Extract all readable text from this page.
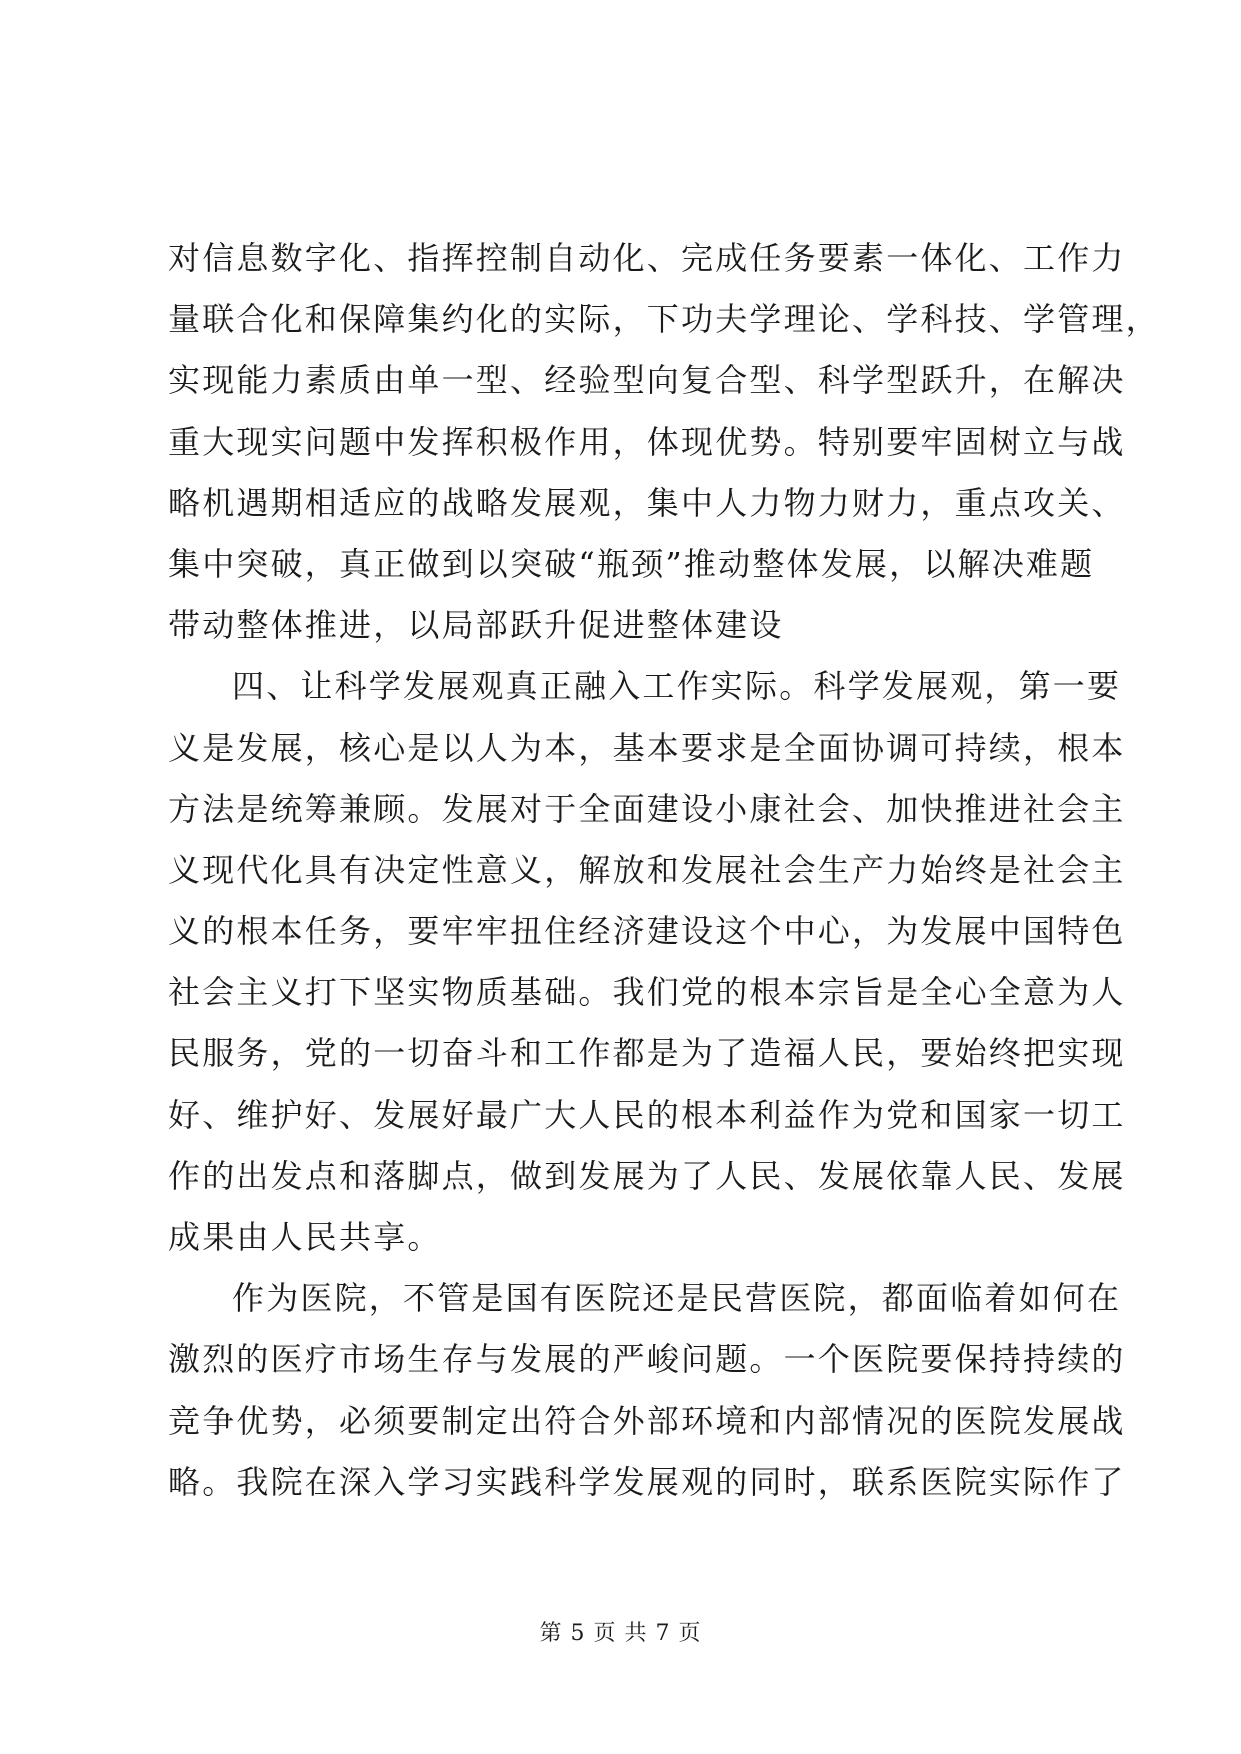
对信息数字化、指挥控制自动化、完成任务要素一体化、工作力
量联合化和保障集约化的实际，下功夫学理论、学科技、学管理，
实现能力素质由单一型、经验型向复合型、科学型跃升，在解决
重大现实问题中发挥积极作用，体现优势。特别要牢固树立与战
略机遇期相适应的战略发展观，集中人力物力财力，重点攻关、
集中突破，真正做到以突破“瓶颈”推动整体发展，以解决难题
带动整体推进，以局部跃升促进整体建设
四、让科学发展观真正融入工作实际。科学发展观，第一要
义是发展，核心是以人为本，基本要求是全面协调可持续，根本
方法是统筹兼顾。发展对于全面建设小康社会、加快推进社会主
义现代化具有决定性意义，解放和发展社会生产力始终是社会主
义的根本任务，要牢牢扭住经济建设这个中心，为发展中国特色
社会主义打下坚实物质基础。我们党的根本宗旨是全心全意为人
民服务，党的一切奋斗和工作都是为了造福人民，要始终把实现
好、维护好、发展好最广大人民的根本利益作为党和国家一切工
作的出发点和落脚点，做到发展为了人民、发展依靠人民、发展
成果由人民共享。
作为医院，不管是国有医院还是民营医院，都面临着如何在
激烈的医疗市场生存与发展的严峻问题。一个医院要保持持续的
竞争优势，必须要制定出符合外部环境和内部情况的医院发展战
略。我院在深入学习实践科学发展观的同时，联系医院实际作了
第 5 页 共 7 页
